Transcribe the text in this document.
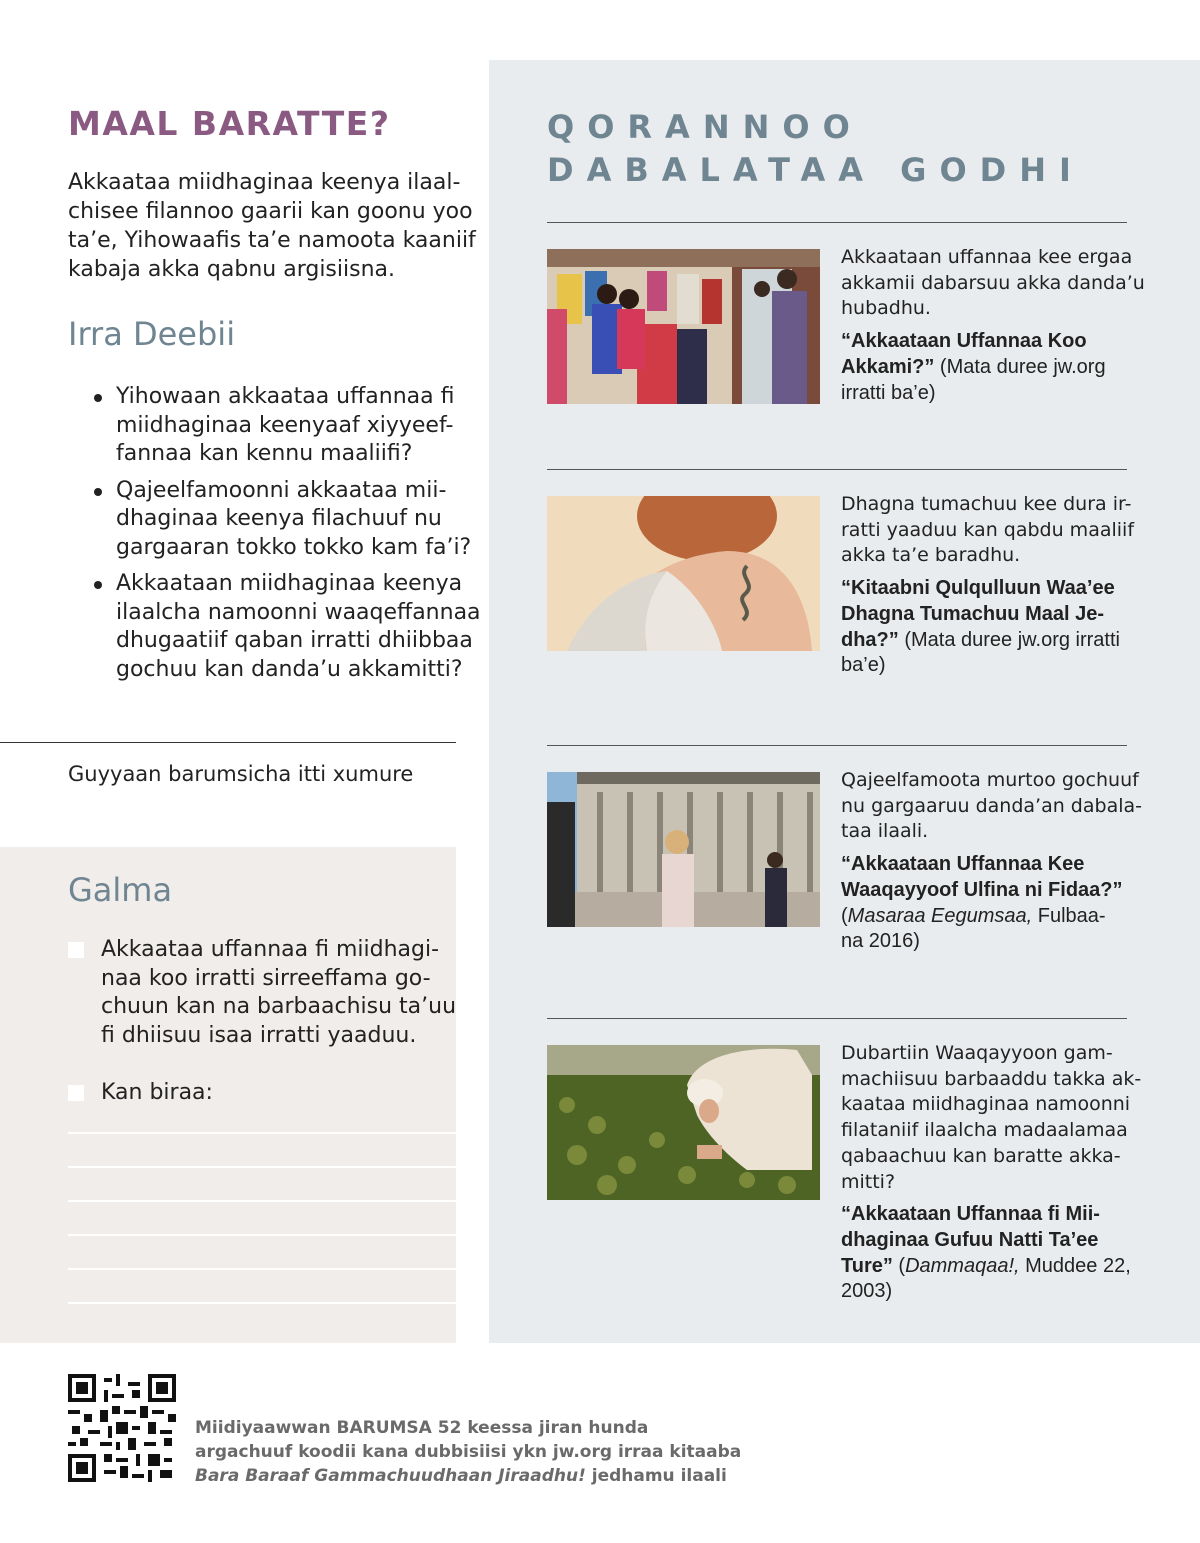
MAAL BARATTE?
Akkaataa miidhaginaa keenya ilaal-
chisee filannoo gaarii kan goonu yoo
ta’e, Yihowaafis ta’e namoota kaaniif
kabaja akka qabnu argisiisna.
Irra Deebii
Yihowaan akkaataa uffannaa fi
miidhaginaa keenyaaf xiyyeef-
fannaa kan kennu maaliifi?
Qajeelfamoonni akkaataa mii-
dhaginaa keenya filachuuf nu
gargaaran tokko tokko kam fa’i?
Akkaataan miidhaginaa keenya
ilaalcha namoonni waaqeffannaa
dhugaatiif qaban irratti dhiibbaa
gochuu kan danda’u akkamitti?
Guyyaan barumsicha itti xumure
Galma
Akkaataa uffannaa fi miidhagi-
naa koo irratti sirreeffama go-
chuun kan na barbaachisu ta’uu
fi dhiisuu isaa irratti yaaduu.
Kan biraa:
QORANNOO
DABALATAA GODHI
Akkaataan uffannaa kee ergaa
akkamii dabarsuu akka danda’u
hubadhu.
“Akkaataan Uffannaa Koo
Akkami?” (Mata duree jw.org
irratti ba’e)
Dhagna tumachuu kee dura ir-
ratti yaaduu kan qabdu maaliif
akka ta’e baradhu.
“Kitaabni Qulqulluun Waa’ee
Dhagna Tumachuu Maal Je-
dha?” (Mata duree jw.org irratti
ba’e)
Qajeelfamoota murtoo gochuuf
nu gargaaruu danda’an dabala-
taa ilaali.
“Akkaataan Uffannaa Kee
Waaqayyoof Ulfina ni Fidaa?”
(Masaraa Eegumsaa, Fulbaa-
na 2016)
Dubartiin Waaqayyoon gam-
machiisuu barbaaddu takka ak-
kaataa miidhaginaa namoonni
filataniif ilaalcha madaalamaa
qabaachuu kan baratte akka-
mitti?
“Akkaataan Uffannaa fi Mii-
dhaginaa Gufuu Natti Ta’ee
Ture” (Dammaqaa!, Muddee 22,
2003)
Miidiyaawwan BARUMSA 52 keessa jiran hunda
argachuuf koodii kana dubbisiisi ykn jw.org irraa kitaaba
Bara Baraaf Gammachuudhaan Jiraadhu! jedhamu ilaali
